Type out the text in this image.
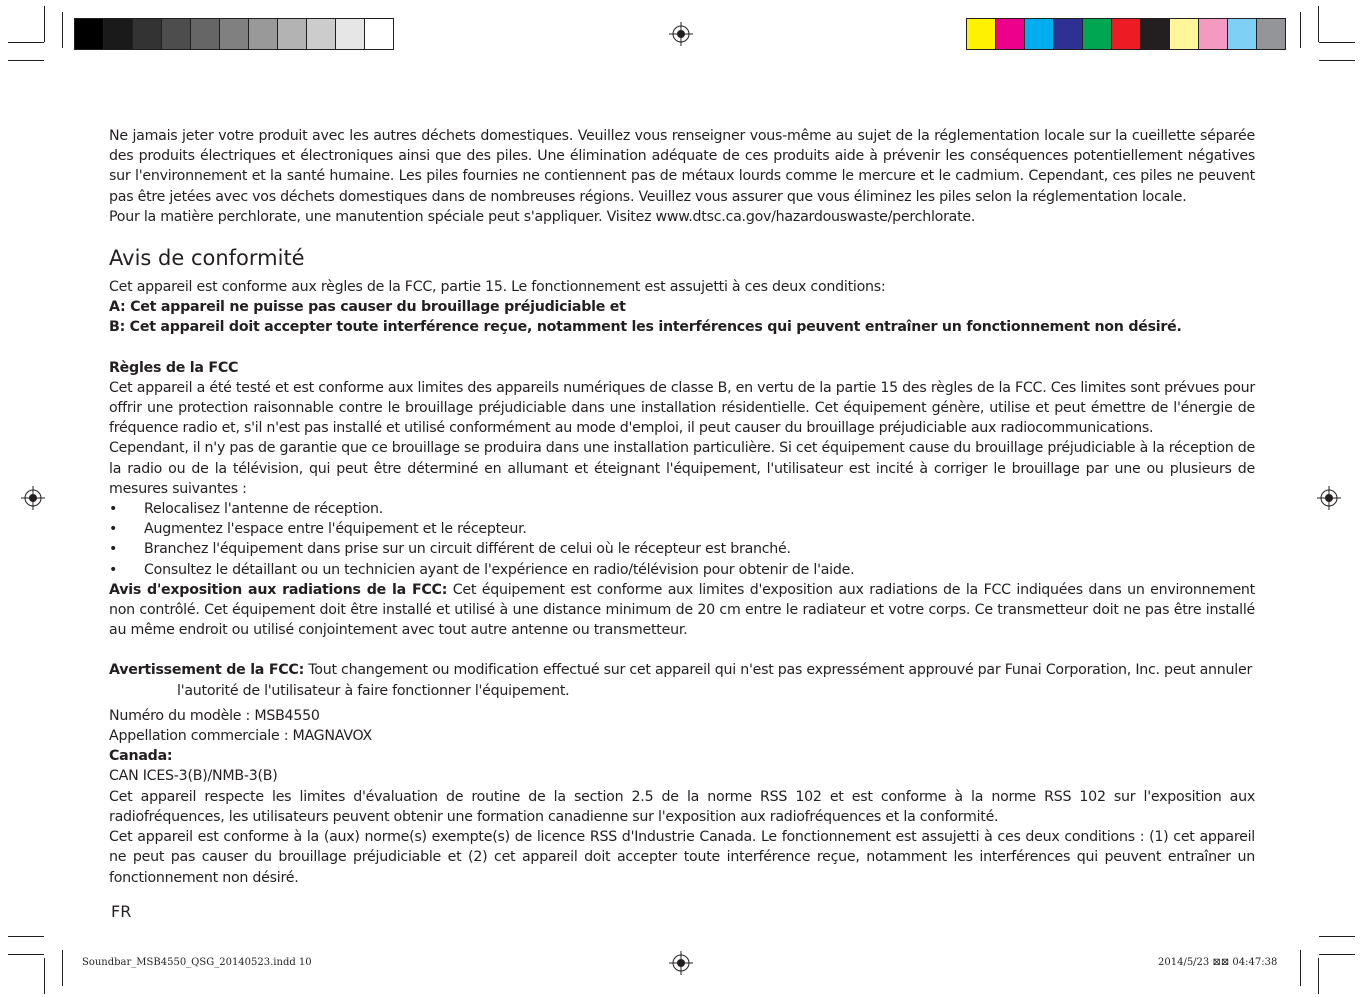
Ne jamais jeter votre produit avec les autres déchets domestiques. Veuillez vous renseigner vous-même au sujet de la réglementation locale sur la cueillette séparée des produits électriques et électroniques ainsi que des piles. Une élimination adéquate de ces produits aide à prévenir les conséquences potentiellement négatives sur l'environnement et la santé humaine. Les piles fournies ne contiennent pas de métaux lourds comme le mercure et le cadmium. Cependant, ces piles ne peuvent pas être jetées avec vos déchets domestiques dans de nombreuses régions. Veuillez vous assurer que vous éliminez les piles selon la réglementation locale.

Pour la matière perchlorate, une manutention spéciale peut s'appliquer. Visitez www.dtsc.ca.gov/hazardouswaste/perchlorate.

Avis de conformité

Cet appareil est conforme aux règles de la FCC, partie 15. Le fonctionnement est assujetti à ces deux conditions:

A: Cet appareil ne puisse pas causer du brouillage préjudiciable et

B: Cet appareil doit accepter toute interférence reçue, notamment les interférences qui peuvent entraîner un fonctionnement non désiré.

Règles de la FCC

Cet appareil a été testé et est conforme aux limites des appareils numériques de classe B, en vertu de la partie 15 des règles de la FCC. Ces limites sont prévues pour offrir une protection raisonnable contre le brouillage préjudiciable dans une installation résidentielle. Cet équipement génère, utilise et peut émettre de l'énergie de fréquence radio et, s'il n'est pas installé et utilisé conformément au mode d'emploi, il peut causer du brouillage préjudiciable aux radiocommunications.

Cependant, il n'y pas de garantie que ce brouillage se produira dans une installation particulière. Si cet équipement cause du brouillage préjudiciable à la réception de la radio ou de la télévision, qui peut être déterminé en allumant et éteignant l'équipement, l'utilisateur est incité à corriger le brouillage par une ou plusieurs de mesures suivantes :

•	Relocalisez l'antenne de réception.
•	Augmentez l'espace entre l'équipement et le récepteur.
•	Branchez l'équipement dans prise sur un circuit différent de celui où le récepteur est branché.
•	Consultez le détaillant ou un technicien ayant de l'expérience en radio/télévision pour obtenir de l'aide.

Avis d'exposition aux radiations de la FCC: Cet équipement est conforme aux limites d'exposition aux radiations de la FCC indiquées dans un environnement non contrôlé. Cet équipement doit être installé et utilisé à une distance minimum de 20 cm entre le radiateur et votre corps. Ce transmetteur doit ne pas être installé au même endroit ou utilisé conjointement avec tout autre antenne ou transmetteur.

Avertissement de la FCC: Tout changement ou modification effectué sur cet appareil qui n'est pas expressément approuvé par Funai Corporation, Inc. peut annuler

l'autorité de l'utilisateur à faire fonctionner l'équipement.

Numéro du modèle : MSB4550

Appellation commerciale : MAGNAVOX

Canada:

CAN ICES-3(B)/NMB-3(B)

Cet appareil respecte les limites d'évaluation de routine de la section 2.5 de la norme RSS 102 et est conforme à la norme RSS 102 sur l'exposition aux radiofréquences, les utilisateurs peuvent obtenir une formation canadienne sur l'exposition aux radiofréquences et la conformité.

Cet appareil est conforme à la (aux) norme(s) exempte(s) de licence RSS d'Industrie Canada. Le fonctionnement est assujetti à ces deux conditions : (1) cet appareil ne peut pas causer du brouillage préjudiciable et (2) cet appareil doit accepter toute interférence reçue, notamment les interférences qui peuvent entraîner un fonctionnement non désiré.

FR
Soundbar_MSB4550_QSG_20140523.indd 10	2014/5/23 ⊠⊠ 04:47:38
